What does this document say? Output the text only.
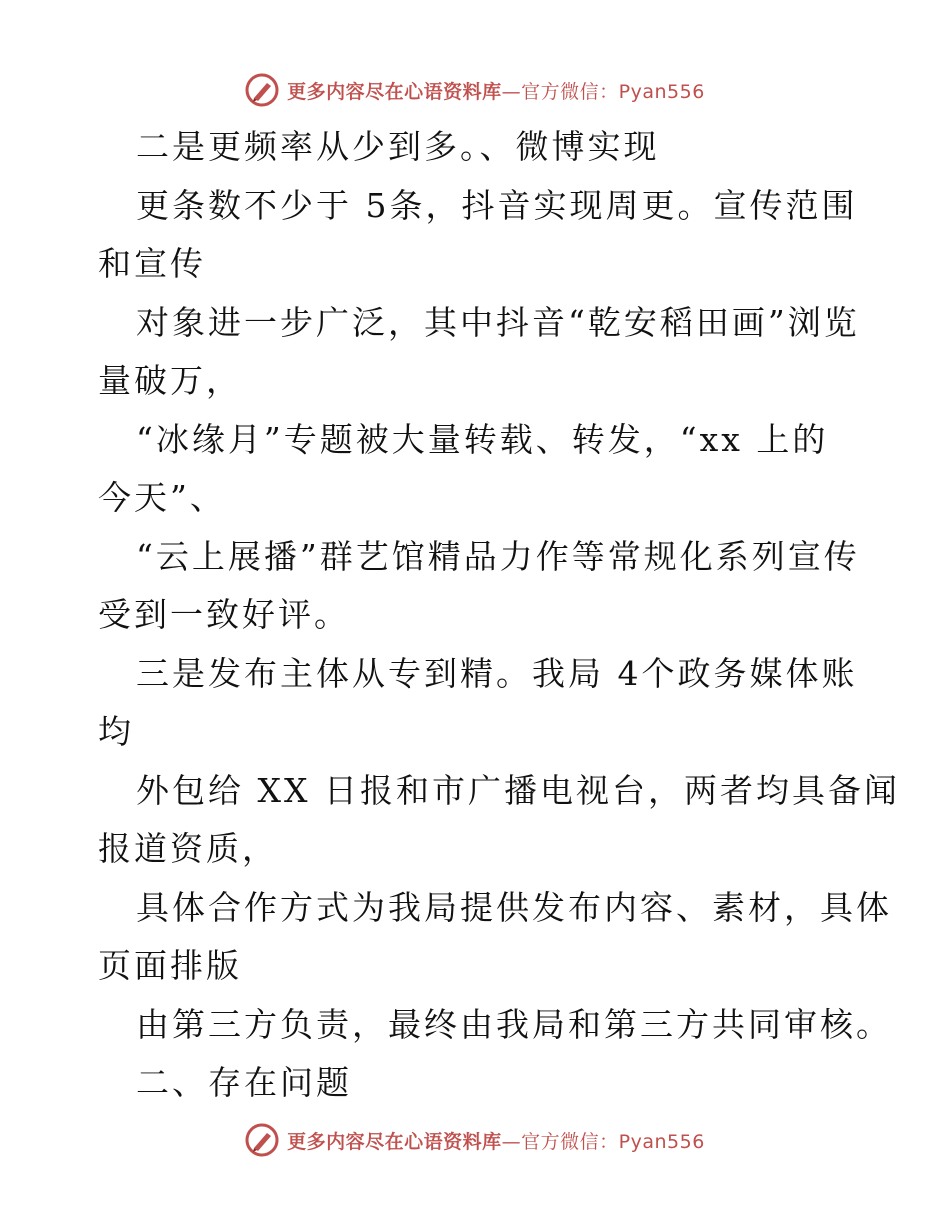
更多内容尽在心语资料库—官方微信：Pyan556
二是更频率从少到多。、微博实现
更条数不少于 5条，抖音实现周更。宣传范围
和宣传
对象进一步广泛，其中抖音“乾安稻田画”浏览
量破万，
“冰缘月”专题被大量转载、转发，“xx 上的
今天”、
“云上展播”群艺馆精品力作等常规化系列宣传
受到一致好评。
三是发布主体从专到精。我局 4个政务媒体账
均
外包给 XX 日报和市广播电视台，两者均具备闻
报道资质，
具体合作方式为我局提供发布内容、素材，具体
页面排版
由第三方负责，最终由我局和第三方共同审核。
二、存在问题
更多内容尽在心语资料库—官方微信：Pyan556
